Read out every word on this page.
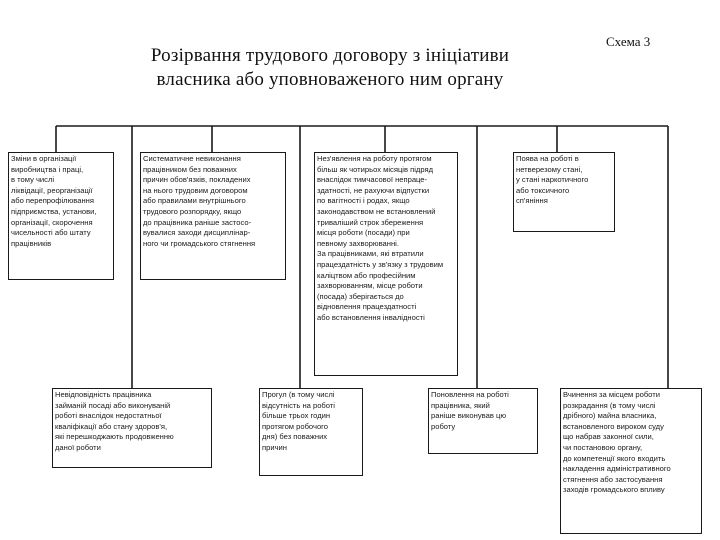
Схема 3
Розірвання трудового договору з ініціативи
власника або уповноваженого ним органу
Зміни в організації
виробництва і праці,
в тому числі
ліквідації, реорганізації
або перепрофілювання
підприємства, установи,
організації, скорочення
чисельності або штату
працівників
Систематичне невиконання
працівником без поважних
причин обов'язків, покладених
на нього трудовим договором
або правилами внутрішнього
трудового розпорядку, якщо
до працівника раніше застосо-
вувалися заходи дисциплінар-
ного чи громадського стягнення
Нез'явлення на роботу протягом
більш як чотирьох місяців підряд
внаслідок тимчасової непраце-
здатності, не рахуючи відпустки
по вагітності і родах, якщо
законодавством не встановлений
триваліший строк збереження
місця роботи (посади) при
певному захворюванні.
За працівниками, які втратили
працездатність у зв'язку з трудовим
каліцтвом або професійним
захворюванням, місце роботи
(посада) зберігається до
відновлення працездатності
або встановлення інвалідності
Поява на роботі в
нетверезому стані,
у стані наркотичного
або токсичного
сп'яніння
Невідповідність працівника
займаній посаді або виконуваній
роботі внаслідок недостатньої
кваліфікації або стану здоров'я,
які перешкоджають продовженню
даної роботи
Прогул (в тому числі
відсутність на роботі
більше трьох годин
протягом робочого
дня) без поважних
причин
Поновлення на роботі
працівника, який
раніше виконував цю
роботу
Вчинення за місцем роботи
розкрадання (в тому числі
дрібного) майна власника,
встановленого вироком суду
що набрав законної сили,
чи постановою органу,
до компетенції якого входить
накладення адміністративного
стягнення або застосування
заходів громадського впливу
